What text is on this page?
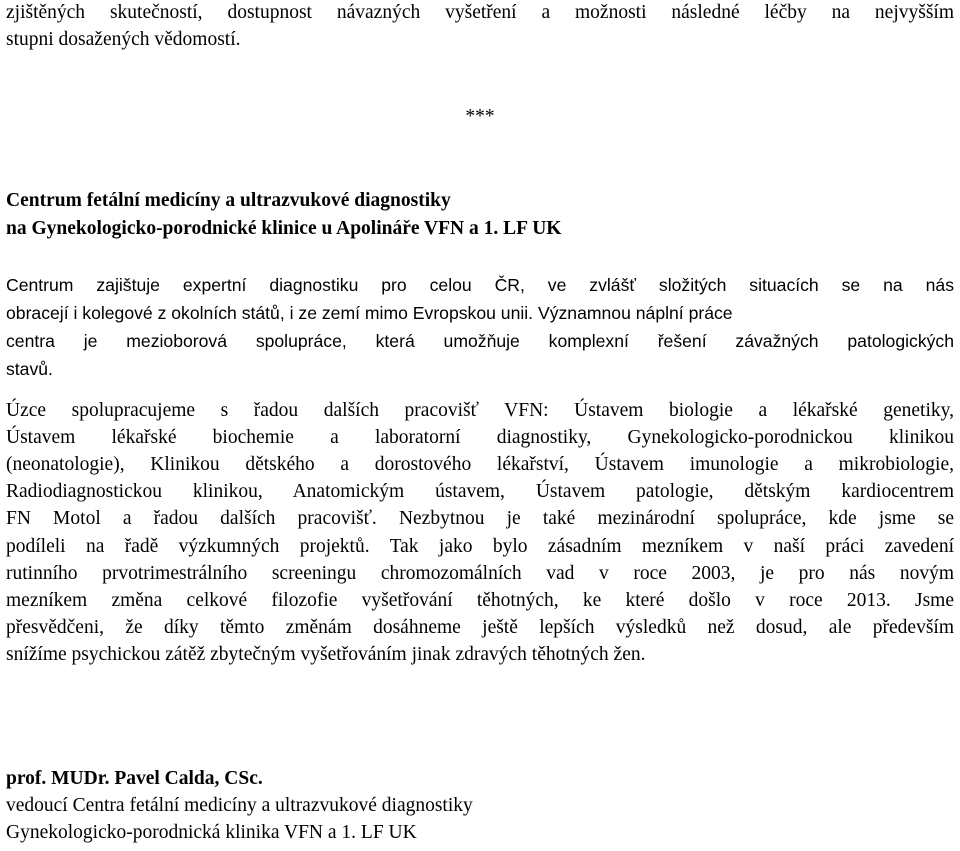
zjištěných skutečností, dostupnost návazných vyšetření a možnosti následné léčby na nejvyšším

stupni dosažených vědomostí.

***

Centrum fetální medicíny a ultrazvukové diagnostiky

na Gynekologicko-porodnické klinice u Apolináře VFN a 1. LF UK

Centrum zajištuje expertní diagnostiku pro celou ČR, ve zvlášť složitých situacích se na nás

obracejí i kolegové z okolních států, i ze zemí mimo Evropskou unii. Významnou náplní práce

centra je mezioborová spolupráce, která umožňuje komplexní řešení závažných patologických

stavů.

Úzce spolupracujeme s řadou dalších pracovišť VFN: Ústavem biologie a lékařské genetiky,

Ústavem lékařské biochemie a laboratorní diagnostiky, Gynekologicko-porodnickou klinikou

(neonatologie), Klinikou dětského a dorostového lékařství, Ústavem imunologie a mikrobiologie,

Radiodiagnostickou klinikou, Anatomickým ústavem, Ústavem patologie, dětským kardiocentrem

FN Motol a řadou dalších pracovišť. Nezbytnou je také mezinárodní spolupráce, kde jsme se

podíleli na řadě výzkumných projektů. Tak jako bylo zásadním mezníkem v naší práci zavedení

rutinního prvotrimestrálního screeningu chromozomálních vad v roce 2003, je pro nás novým

mezníkem změna celkové filozofie vyšetřování těhotných, ke které došlo v roce 2013. Jsme

přesvědčeni, že díky těmto změnám dosáhneme ještě lepších výsledků než dosud, ale především

snížíme psychickou zátěž zbytečným vyšetřováním jinak zdravých těhotných žen.

prof. MUDr. Pavel Calda, CSc.

vedoucí Centra fetální medicíny a ultrazvukové diagnostiky

Gynekologicko-porodnická klinika VFN a 1. LF UK
